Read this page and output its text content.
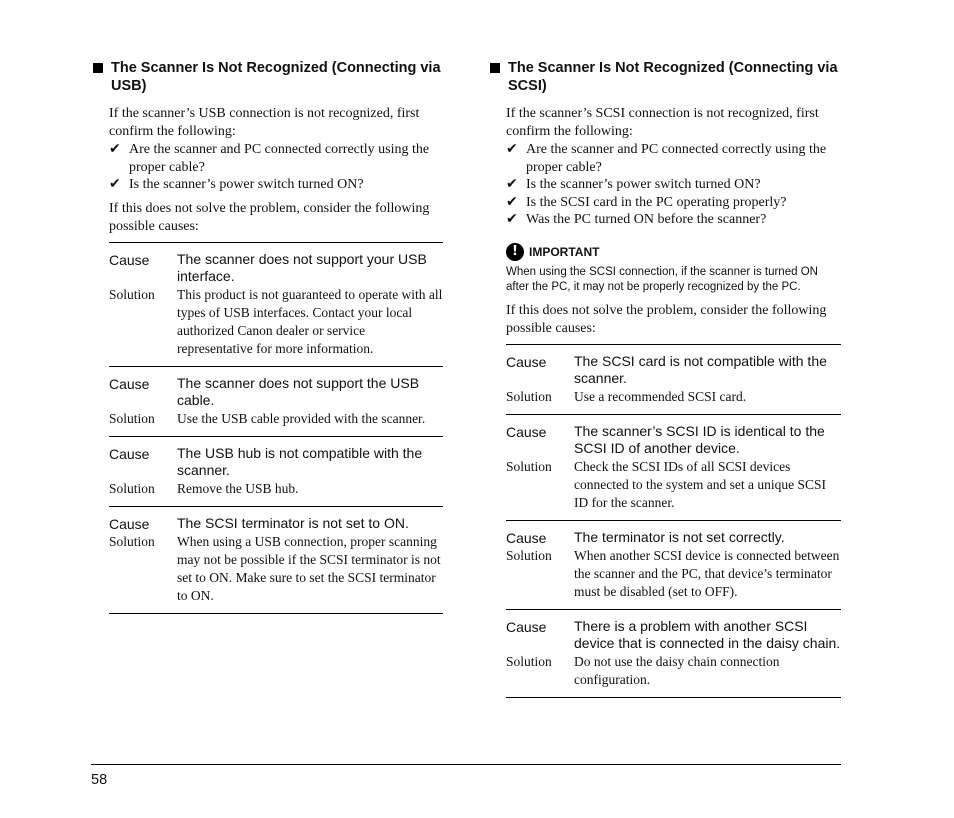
The Scanner Is Not Recognized (Connecting via USB)
If the scanner’s USB connection is not recognized, first confirm the following:
✔ Are the scanner and PC connected correctly using the proper cable?
✔ Is the scanner’s power switch turned ON?
If this does not solve the problem, consider the following possible causes:
Cause	The scanner does not support your USB interface.
Solution	This product is not guaranteed to operate with all types of USB interfaces. Contact your local authorized Canon dealer or service representative for more information.
Cause	The scanner does not support the USB cable.
Solution	Use the USB cable provided with the scanner.
Cause	The USB hub is not compatible with the scanner.
Solution	Remove the USB hub.
Cause	The SCSI terminator is not set to ON.
Solution	When using a USB connection, proper scanning may not be possible if the SCSI terminator is not set to ON. Make sure to set the SCSI terminator to ON.
The Scanner Is Not Recognized (Connecting via SCSI)
If the scanner’s SCSI connection is not recognized, first confirm the following:
✔ Are the scanner and PC connected correctly using the proper cable?
✔ Is the scanner’s power switch turned ON?
✔ Is the SCSI card in the PC operating properly?
✔ Was the PC turned ON before the scanner?
! IMPORTANT
When using the SCSI connection, if the scanner is turned ON after the PC, it may not be properly recognized by the PC.
If this does not solve the problem, consider the following possible causes:
Cause	The SCSI card is not compatible with the scanner.
Solution	Use a recommended SCSI card.
Cause	The scanner’s SCSI ID is identical to the SCSI ID of another device.
Solution	Check the SCSI IDs of all SCSI devices connected to the system and set a unique SCSI ID for the scanner.
Cause	The terminator is not set correctly.
Solution	When another SCSI device is connected between the scanner and the PC, that device’s terminator must be disabled (set to OFF).
Cause	There is a problem with another SCSI device that is connected in the daisy chain.
Solution	Do not use the daisy chain connection configuration.
58
